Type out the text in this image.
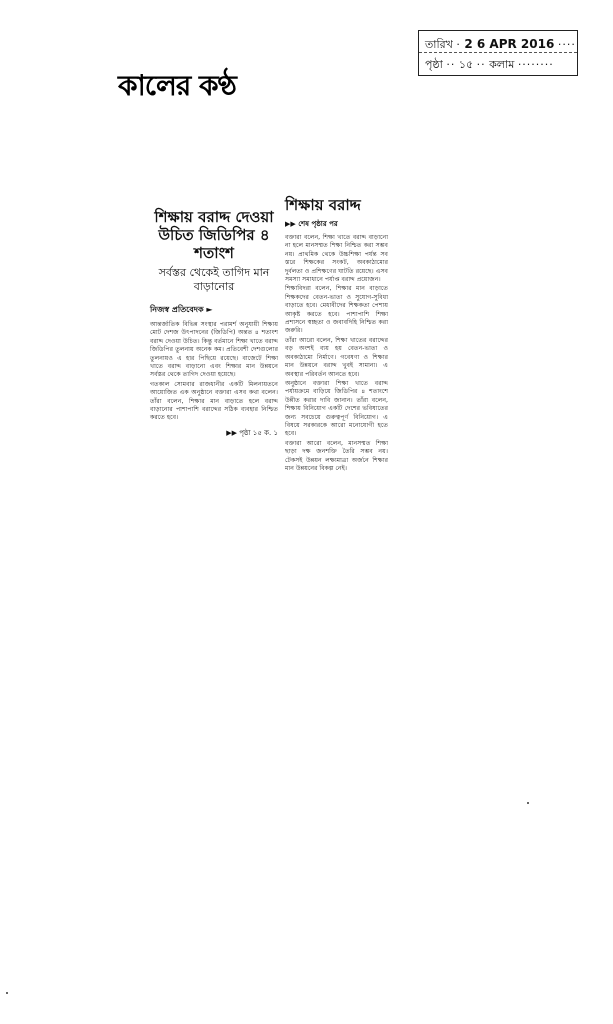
তারিখ · 2 6 APR 2016 ····
পৃষ্ঠা ·· ১৫ ·· কলাম ········
কালের কণ্ঠ
শিক্ষায় বরাদ্দ দেওয়া উচিত জিডিপির ৪ শতাংশ
সর্বস্তর থেকেই তাগিদ মান বাড়ানোর
নিজস্ব প্রতিবেদক ►

আন্তর্জাতিক বিভিন্ন সংস্থার পরামর্শ অনুযায়ী শিক্ষায় মোট দেশজ উৎপাদনের (জিডিপি) অন্তত ৪ শতাংশ বরাদ্দ দেওয়া উচিত। কিন্তু বর্তমানে শিক্ষা খাতে বরাদ্দ জিডিপির তুলনায় অনেক কম। প্রতিবেশী দেশগুলোর তুলনায়ও এ হার পিছিয়ে রয়েছে। বাজেটে শিক্ষা খাতে বরাদ্দ বাড়ানো এবং শিক্ষার মান উন্নয়নে সর্বস্তর থেকে তাগিদ দেওয়া হয়েছে।

গতকাল সোমবার রাজধানীর একটি মিলনায়তনে আয়োজিত এক অনুষ্ঠানে বক্তারা এসব কথা বলেন। তাঁরা বলেন, শিক্ষার মান বাড়াতে হলে বরাদ্দ বাড়ানোর পাশাপাশি বরাদ্দের সঠিক ব্যবহার নিশ্চিত করতে হবে।

▶▶ পৃষ্ঠা ১৫ ক. ১
শিক্ষায় বরাদ্দ
▶▶ শেষ পৃষ্ঠার পর

বক্তারা বলেন, শিক্ষা খাতে বরাদ্দ বাড়ানো না হলে মানসম্মত শিক্ষা নিশ্চিত করা সম্ভব নয়। প্রাথমিক থেকে উচ্চশিক্ষা পর্যন্ত সব স্তরে শিক্ষকের সংকট, অবকাঠামোর দুর্বলতা ও প্রশিক্ষণের ঘাটতি রয়েছে। এসব সমস্যা সমাধানে পর্যাপ্ত বরাদ্দ প্রয়োজন।

শিক্ষাবিদরা বলেন, শিক্ষার মান বাড়াতে শিক্ষকদের বেতন-ভাতা ও সুযোগ-সুবিধা বাড়াতে হবে। মেধাবীদের শিক্ষকতা পেশায় আকৃষ্ট করতে হবে। পাশাপাশি শিক্ষা প্রশাসনে স্বচ্ছতা ও জবাবদিহি নিশ্চিত করা জরুরি।

তাঁরা আরো বলেন, শিক্ষা খাতের বরাদ্দের বড় অংশই ব্যয় হয় বেতন-ভাতা ও অবকাঠামো নির্মাণে। গবেষণা ও শিক্ষার মান উন্নয়নে বরাদ্দ খুবই সামান্য। এ অবস্থার পরিবর্তন আনতে হবে।

অনুষ্ঠানে বক্তারা শিক্ষা খাতে বরাদ্দ পর্যায়ক্রমে বাড়িয়ে জিডিপির ৪ শতাংশে উন্নীত করার দাবি জানান। তাঁরা বলেন, শিক্ষায় বিনিয়োগ একটি দেশের ভবিষ্যতের জন্য সবচেয়ে গুরুত্বপূর্ণ বিনিয়োগ। এ বিষয়ে সরকারকে আরো মনোযোগী হতে হবে।

বক্তারা আরো বলেন, মানসম্মত শিক্ষা ছাড়া দক্ষ জনশক্তি তৈরি সম্ভব নয়। টেকসই উন্নয়ন লক্ষ্যমাত্রা অর্জনে শিক্ষার মান উন্নয়নের বিকল্প নেই।
